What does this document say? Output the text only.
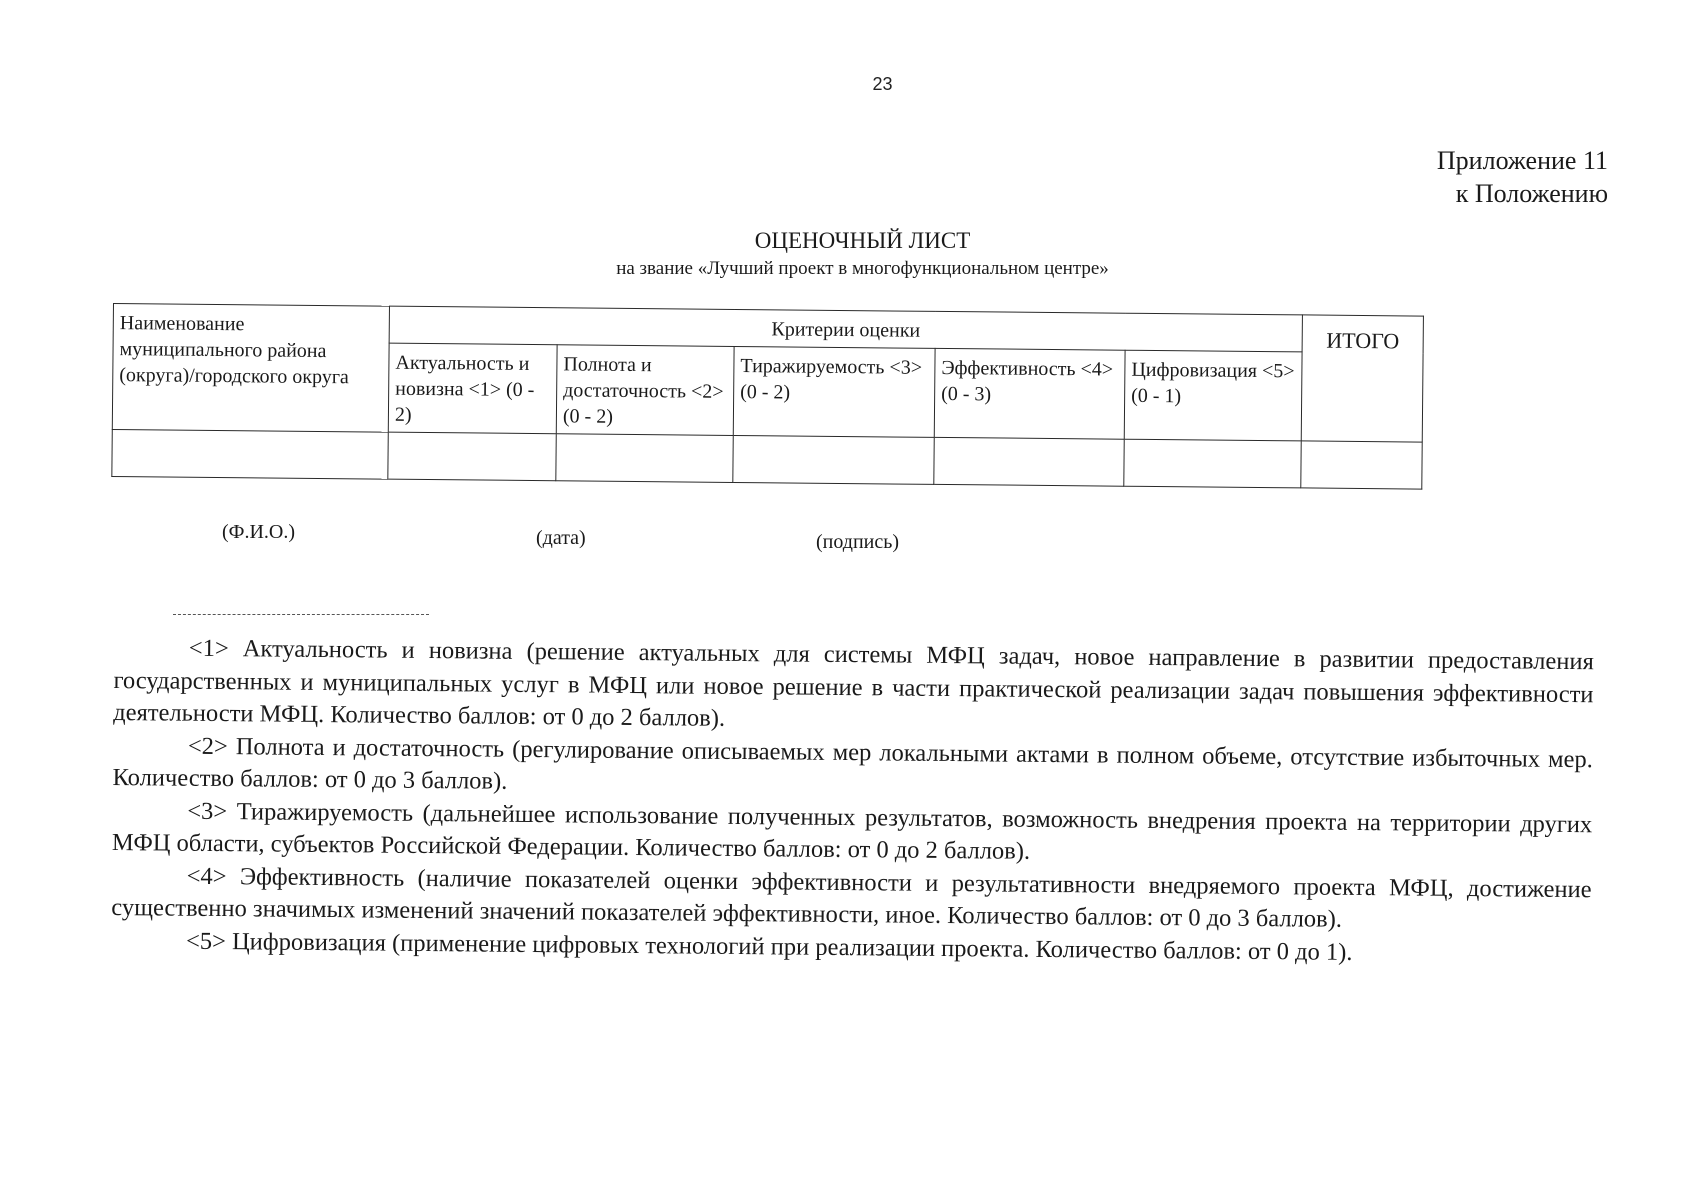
23
Приложение 11
к Положению
ОЦЕНОЧНЫЙ ЛИСТ
на звание «Лучший проект в многофункциональном центре»
Наименование муниципального района (округа)/городского округа	Критерии оценки					ИТОГО
	Актуальность и новизна <1> (0 - 2)	Полнота и достаточность <2> (0 - 2)	Тиражируемость <3> (0 - 2)	Эффективность <4> (0 - 3)	Цифровизация <5> (0 - 1)	

(Ф.И.О.)	(дата)	(подпись)

<1> Актуальность и новизна (решение актуальных для системы МФЦ задач, новое направление в развитии предоставления государственных и муниципальных услуг в МФЦ или новое решение в части практической реализации задач повышения эффективности деятельности МФЦ. Количество баллов: от 0 до 2 баллов).

<2> Полнота и достаточность (регулирование описываемых мер локальными актами в полном объеме, отсутствие избыточных мер. Количество баллов: от 0 до 3 баллов).

<3> Тиражируемость (дальнейшее использование полученных результатов, возможность внедрения проекта на территории других МФЦ области, субъектов Российской Федерации. Количество баллов: от 0 до 2 баллов).

<4> Эффективность (наличие показателей оценки эффективности и результативности внедряемого проекта МФЦ, достижение существенно значимых изменений значений показателей эффективности, иное. Количество баллов: от 0 до 3 баллов).

<5> Цифровизация (применение цифровых технологий при реализации проекта. Количество баллов: от 0 до 1).
